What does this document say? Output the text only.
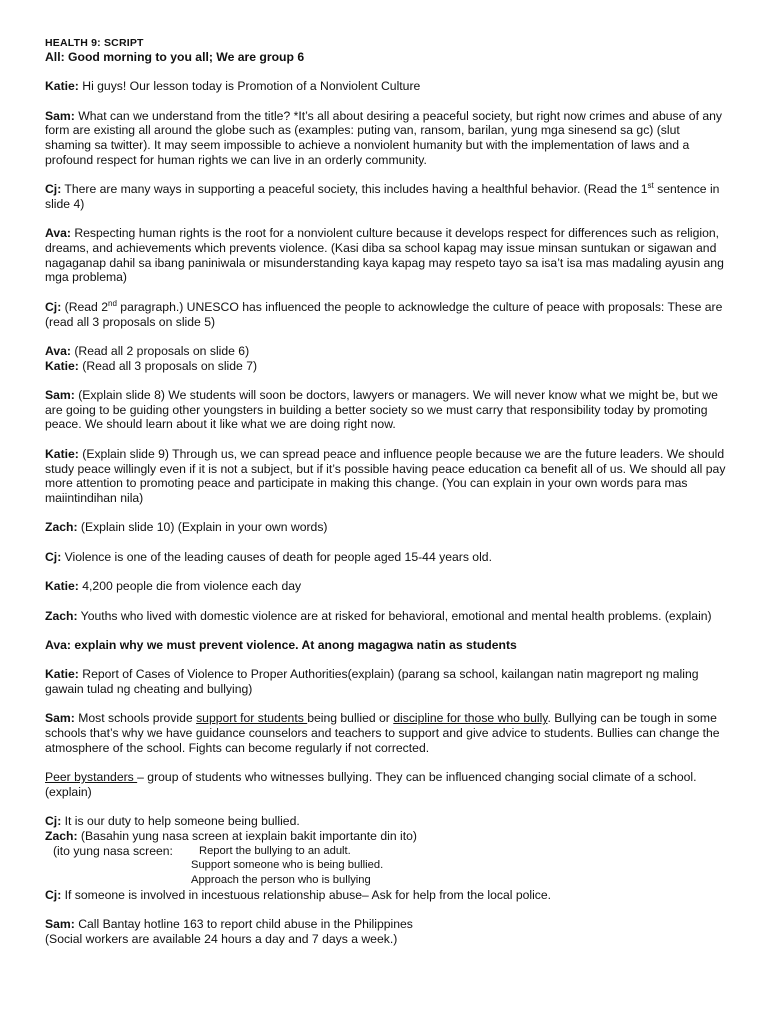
HEALTH 9: SCRIPT

All: Good morning to you all; We are group 6

Katie: Hi guys! Our lesson today is Promotion of a Nonviolent Culture

Sam: What can we understand from the title? *It’s all about desiring a peaceful society, but right now crimes and abuse of any form are existing all around the globe such as (examples: puting van, ransom, barilan, yung mga sinesend sa gc) (slut shaming sa twitter). It may seem impossible to achieve a nonviolent humanity but with the implementation of laws and a profound respect for human rights we can live in an orderly community.

Cj: There are many ways in supporting a peaceful society, this includes having a healthful behavior. (Read the 1st sentence in slide 4)

Ava: Respecting human rights is the root for a nonviolent culture because it develops respect for differences such as religion, dreams, and achievements which prevents violence. (Kasi diba sa school kapag may issue minsan suntukan or sigawan and nagaganap dahil sa ibang paniniwala or misunderstanding kaya kapag may respeto tayo sa isa’t isa mas madaling ayusin ang mga problema)

Cj: (Read 2nd paragraph.) UNESCO has influenced the people to acknowledge the culture of peace with proposals: These are (read all 3 proposals on slide 5)

Ava: (Read all 2 proposals on slide 6)

Katie: (Read all 3 proposals on slide 7)

Sam: (Explain slide 8) We students will soon be doctors, lawyers or managers. We will never know what we might be, but we are going to be guiding other youngsters in building a better society so we must carry that responsibility today by promoting peace. We should learn about it like what we are doing right now.

Katie: (Explain slide 9) Through us, we can spread peace and influence people because we are the future leaders. We should study peace willingly even if it is not a subject, but if it’s possible having peace education ca benefit all of us. We should all pay more attention to promoting peace and participate in making this change. (You can explain in your own words para mas maiintindihan nila)

Zach: (Explain slide 10) (Explain in your own words)

Cj: Violence is one of the leading causes of death for people aged 15-44 years old.

Katie: 4,200 people die from violence each day

Zach: Youths who lived with domestic violence are at risked for behavioral, emotional and mental health problems. (explain)

Ava: explain why we must prevent violence. At anong magagwa natin as students

Katie: Report of Cases of Violence to Proper Authorities(explain) (parang sa school, kailangan natin magreport ng maling gawain tulad ng cheating and bullying)

Sam: Most schools provide support for students being bullied or discipline for those who bully. Bullying can be tough in some schools that’s why we have guidance counselors and teachers to support and give advice to students. Bullies can change the atmosphere of the school. Fights can become regularly if not corrected.

Peer bystanders – group of students who witnesses bullying. They can be influenced changing social climate of a school. (explain)

Cj: It is our duty to help someone being bullied.

Zach: (Basahin yung nasa screen at iexplain bakit importante din ito)

(ito yung nasa screen:	Report the bullying to an adult.
Support someone who is being bullied.
Approach the person who is bullying

Cj: If someone is involved in incestuous relationship abuse– Ask for help from the local police.

Sam: Call Bantay hotline 163 to report child abuse in the Philippines

(Social workers are available 24 hours a day and 7 days a week.)
